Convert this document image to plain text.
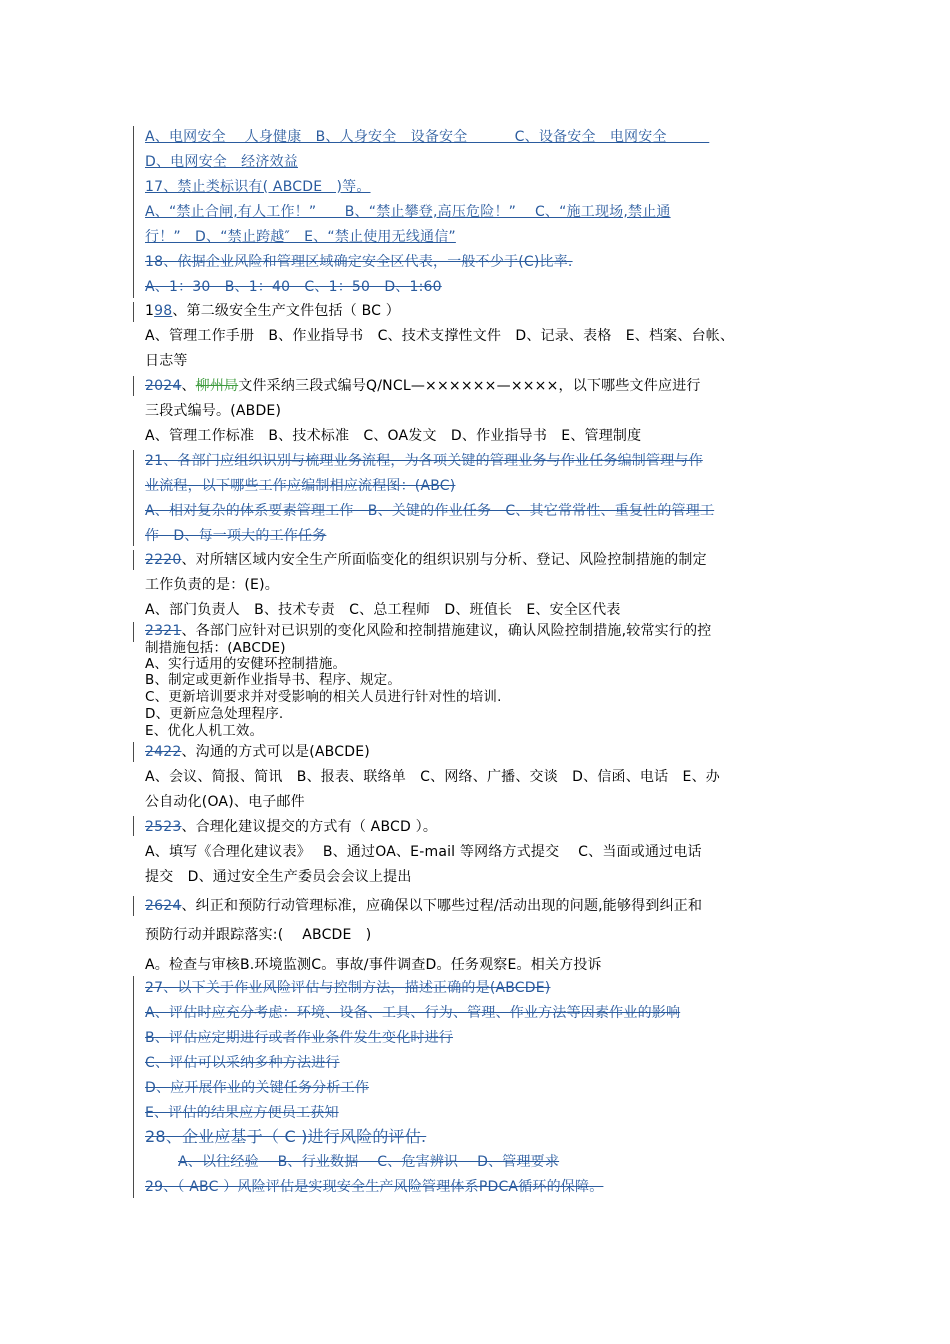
A、电网安全　 人身健康　B、人身安全　设备安全　　　 C、设备安全　电网安全　　　
D、电网安全　经济效益
17、禁止类标识有( ABCDE　)等。
A、“禁止合闸,有人工作！”　　B、“禁止攀登,高压危险！”　 C、“施工现场,禁止通
行！”　D、“禁止跨越″　E、“禁止使用无线通信”
18、依据企业风险和管理区域确定安全区代表，一般不少于(C)比率.
A、1：30　B、1：40　C、1：50　D、1:60
198、第二级安全生产文件包括（ BC ）
A、管理工作手册　B、作业指导书　C、技术支撑性文件　D、记录、表格　E、档案、台帐、
日志等
2024、柳州局文件采纳三段式编号Q/NCL—××××××—××××，以下哪些文件应进行
三段式编号。(ABDE)
A、管理工作标准　B、技术标准　C、OA发文　D、作业指导书　E、管理制度
21、各部门应组织识别与梳理业务流程，为各项关键的管理业务与作业任务编制管理与作
业流程，以下哪些工作应编制相应流程图：(ABC)
A、相对复杂的体系要素管理工作　B、关键的作业任务　C、其它常常性、重复性的管理工
作　D、每一项大的工作任务
2220、对所辖区域内安全生产所面临变化的组织识别与分析、登记、风险控制措施的制定
工作负责的是：(E)。
A、部门负责人　B、技术专责　C、总工程师　D、班值长　E、安全区代表
2321、各部门应针对已识别的变化风险和控制措施建议，确认风险控制措施,较常实行的控
制措施包括：(ABCDE)
A、实行适用的安健环控制措施。
B、制定或更新作业指导书、程序、规定。
C、更新培训要求并对受影响的相关人员进行针对性的培训.
D、更新应急处理程序.
E、优化人机工效。
2422、沟通的方式可以是(ABCDE)
A、会议、简报、简讯　B、报表、联络单　C、网络、广播、交谈　D、信函、电话　E、办
公自动化(OA)、电子邮件
2523、合理化建议提交的方式有（ ABCD ）。
A、填写《合理化建议表》　 B、通过OA、E-mail 等网络方式提交　 C、当面或通过电话
提交　D、通过安全生产委员会会议上提出
2624、纠正和预防行动管理标准，应确保以下哪些过程/活动出现的问题,能够得到纠正和
预防行动并跟踪落实:(　 ABCDE　)
A。检查与审核B.环境监测C。事故/事件调查D。任务观察E。相关方投诉
27、以下关于作业风险评估与控制方法，描述正确的是(ABCDE)
A、评估时应充分考虑：环境、设备、工具、行为、管理、作业方法等因素作业的影响
B、评估应定期进行或者作业条件发生变化时进行
C、评估可以采纳多种方法进行
D、应开展作业的关键任务分析工作
E、评估的结果应方便员工获知
28、企业应基于（ C )进行风险的评估.
A、以往经验　 B、行业数据　 C、危害辨识　 D、管理要求
29、（ ABC ）风险评估是实现安全生产风险管理体系PDCA循环的保障。
